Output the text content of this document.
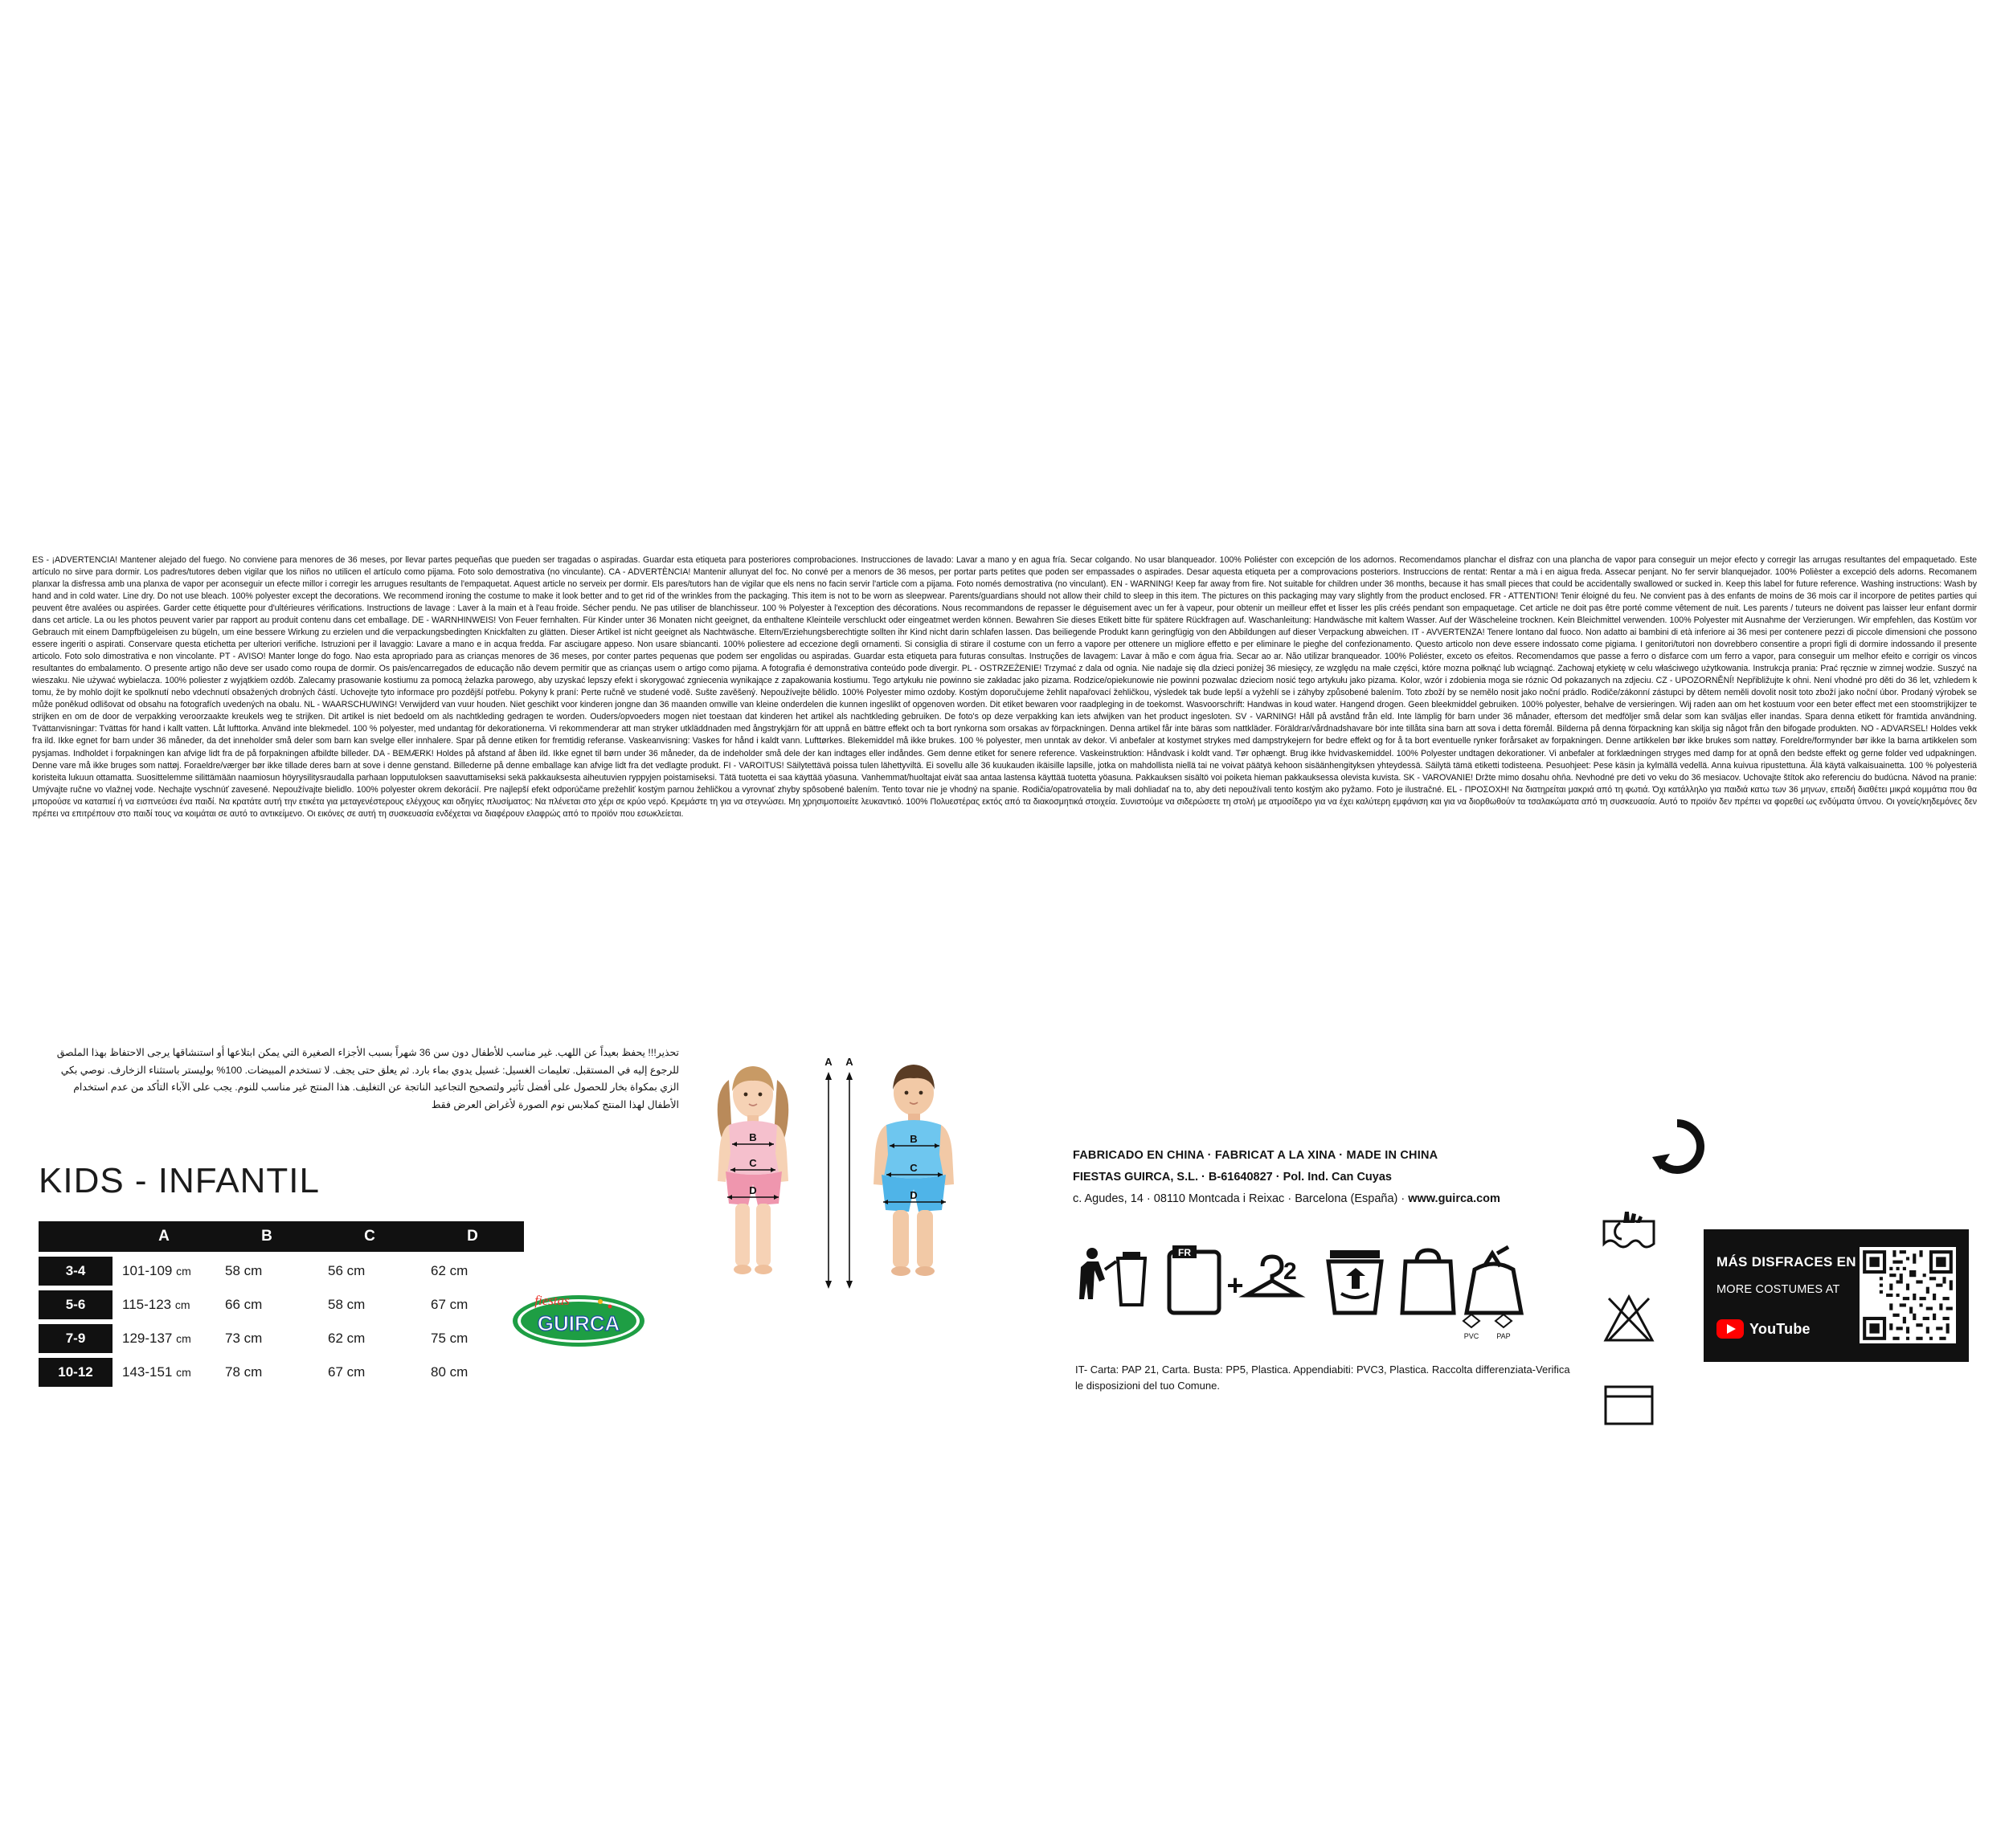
ES - ¡ADVERTENCIA! Mantener alejado del fuego. No conviene para menores de 36 meses, por llevar partes pequeñas que pueden ser tragadas o aspiradas. Guardar esta etiqueta para posteriores comprobaciones. Instrucciones de lavado: Lavar a mano y en agua fría. Secar colgando. No usar blanqueador. 100% Poliéster con excepción de los adornos. Recomendamos planchar el disfraz con una plancha de vapor para conseguir un mejor efecto y corregir las arrugas resultantes del empaquetado. Este artículo no sirve para dormir. Los padres/tutores deben vigilar que los niños no utilicen el artículo como pijama. Foto solo demostrativa (no vinculante). CA - ADVERTÈNCIA! Mantenir allunyat del foc. No convé per a menors de 36 mesos, per portar parts petites que poden ser empassades o aspirades. Desar aquesta etiqueta per a comprovacions posteriors. Instruccions de rentat: Rentar a mà i en aigua freda. Assecar penjant. No fer servir blanquejador. 100% Polièster a excepció dels adorns. Recomanem planxar la disfressa amb una planxa de vapor per aconseguir un efecte millor i corregir les arrugues resultants de l'empaquetat. Aquest article no serveix per dormir. Els pares/tutors han de vigilar que els nens no facin servir l'article com a pijama. Foto només demostrativa (no vinculant). EN - WARNING! Keep far away from fire. Not suitable for children under 36 months, because it has small pieces that could be accidentally swallowed or sucked in. Keep this label for future reference. Washing instructions: Wash by hand and in cold water. Line dry. Do not use bleach. 100% polyester except the decorations. We recommend ironing the costume to make it look better and to get rid of the wrinkles from the packaging. This item is not to be worn as sleepwear. Parents/guardians should not allow their child to sleep in this item. The pictures on this packaging may vary slightly from the product enclosed. FR - ATTENTION! Tenir éloigné du feu. Ne convient pas à des enfants de moins de 36 mois car il incorpore de petites parties qui peuvent être avalées ou aspirées. Garder cette étiquette pour d'ultérieures vérifications. Instructions de lavage : Laver à la main et à l'eau froide. Sécher pendu. Ne pas utiliser de blanchisseur. 100 % Polyester à l'exception des décorations. Nous recommandons de repasser le déguisement avec un fer à vapeur, pour obtenir un meilleur effet et lisser les plis créés pendant son empaquetage. Cet article ne doit pas être porté comme vêtement de nuit. Les parents / tuteurs ne doivent pas laisser leur enfant dormir dans cet article. La ou les photos peuvent varier par rapport au produit contenu dans cet emballage. DE - WARNHINWEIS! Von Feuer fernhalten. Für Kinder unter 36 Monaten nicht geeignet, da enthaltene Kleinteile verschluckt oder eingeatmet werden können. Bewahren Sie dieses Etikett bitte für spätere Rückfragen auf. Waschanleitung: Handwäsche mit kaltem Wasser. Auf der Wäscheleine trocknen. Kein Bleichmittel verwenden. 100% Polyester mit Ausnahme der Verzierungen. Wir empfehlen, das Kostüm vor Gebrauch mit einem Dampfbügeleisen zu bügeln, um eine bessere Wirkung zu erzielen und die verpackungsbedingten Knickfalten zu glätten. Dieser Artikel ist nicht geeignet als Nachtwäsche. Eltern/Erziehungsberechtigte sollten ihr Kind nicht darin schlafen lassen. Das beiliegende Produkt kann geringfügig von den Abbildungen auf dieser Verpackung abweichen. IT - AVVERTENZA! Tenere lontano dal fuoco. Non adatto ai bambini di età inferiore ai 36 mesi per contenere pezzi di piccole dimensioni che possono essere ingeriti o aspirati. Conservare questa etichetta per ulteriori verifiche. Istruzioni per il lavaggio: Lavare a mano e in acqua fredda. Far asciugare appeso. Non usare sbiancanti. 100% poliestere ad eccezione degli ornamenti. Si consiglia di stirare il costume con un ferro a vapore per ottenere un migliore effetto e per eliminare le pieghe del confezionamento. Questo articolo non deve essere indossato come pigiama. I genitori/tutori non dovrebbero consentire a propri figli di dormire indossando il presente articolo. Foto solo dimostrativa e non vincolante. PT - AVISO! Manter longe do fogo. Nao esta apropriado para as crianças menores de 36 meses, por conter partes pequenas que podem ser engolidas ou aspiradas. Guardar esta etiqueta para futuras consultas. Instruções de lavagem: Lavar à mão e com água fria. Secar ao ar. Não utilizar branqueador. 100% Poliéster, exceto os efeitos. Recomendamos que passe a ferro o disfarce com um ferro a vapor, para conseguir um melhor efeito e corrigir os vincos resultantes do embalamento. O presente artigo não deve ser usado como roupa de dormir. Os pais/encarregados de educação não devem permitir que as crianças usem o artigo como pijama. A fotografia é demonstrativa conteúdo pode divergir. PL - OSTRZEŻENIE! Trzymać z dala od ognia. Nie nadaje się dla dzieci poniżej 36 miesięcy, ze względu na małe części, które mozna połknąć lub wciągnąć. Zachowaj etykietę w celu właściwego użytkowania. Instrukcja prania: Prać ręcznie w zimnej wodzie. Suszyć na wieszaku. Nie używać wybielacza. 100% poliester z wyjątkiem ozdób. Zalecamy prasowanie kostiumu za pomocą żelazka parowego, aby uzyskać lepszy efekt i skorygować zgniecenia wynikające z zapakowania kostiumu. Tego artykułu nie powinno sie zakładac jako pizama. Rodzice/opiekunowie nie powinni pozwalac dzieciom nosić tego artykułu jako pizama. Kolor, wzór i zdobienia moga sie róznic Od pokazanych na zdjeciu. CZ - UPOZORNĚNÍ! Nepřibližujte k ohni. Není vhodné pro děti do 36 let, vzhledem k tomu, že by mohlo dojít ke spolknutí nebo vdechnutí obsažených drobných částí. Uchovejte tyto informace pro pozdější potřebu. Pokyny k praní: Perte ručně ve studené vodě. Sušte zavěšený. Nepoužívejte bělidlo. 100% Polyester mimo ozdoby. Kostým doporučujeme žehlit napařovací žehličkou, výsledek tak bude lepší a vyžehlí se i záhyby způsobené balením. Toto zboží by se nemělo nosit jako noční prádlo. Rodiče/zákonní zástupci by dětem neměli dovolit nosit toto zboží jako noční úbor. Prodaný výrobek se může poněkud odlišovat od obsahu na fotografích uvedených na obalu. NL - WAARSCHUWING! Verwijderd van vuur houden. Niet geschikt voor kinderen jongne dan 36 maanden omwille van kleine onderdelen die kunnen ingeslikt of opgenoven worden. Dit etiket bewaren voor raadpleging in de toekomst. Wasvoorschrift: Handwas in koud water. Hangend drogen. Geen bleekmiddel gebruiken. 100% polyester, behalve de versieringen. Wij raden aan om het kostuum voor een beter effect met een stoomstrijkijzer te strijken en om de door de verpakking veroorzaakte kreukels weg te strijken. Dit artikel is niet bedoeld om als nachtkleding gedragen te worden. Ouders/opvoeders mogen niet toestaan dat kinderen het artikel als nachtkleding gebruiken. De foto's op deze verpakking kan iets afwijken van het product ingesloten. SV - VARNING! Håll på avstånd från eld. Inte lämplig för barn under 36 månader, eftersom det medföljer små delar som kan sväljas eller inandas. Spara denna etikett för framtida användning. Tvättanvisningar: Tvättas för hand i kallt vatten. Låt lufttorka. Använd inte blekmedel. 100 % polyester, med undantag för dekorationerna. Vi rekommenderar att man stryker utkläddnaden med ångstrykjärn för att uppnå en bättre effekt och ta bort rynkorna som orsakas av förpackningen. Denna artikel får inte bäras som nattkläder. Föräldrar/vårdnadshavare bör inte tillåta sina barn att sova i detta föremål. Bilderna på denna förpackning kan skilja sig något från den bifogade produkten. NO - ADVARSEL! Holdes vekk fra ild. Ikke egnet for barn under 36 måneder, da det inneholder små deler som barn kan svelge eller innhalere. Spar på denne etiken for fremtidig referanse. Vaskeanvisning: Vaskes for hånd i kaldt vann. Lufttørkes. Blekemiddel må ikke brukes. 100 % polyester, men unntak av dekor. Vi anbefaler at kostymet strykes med dampstrykejern for bedre effekt og for å ta bort eventuelle rynker forårsaket av forpakningen. Denne artikkelen bør ikke brukes som nattøy. Foreldre/formynder bør ikke la barna artikkelen som pysjamas. Indholdet i forpakningen kan afvige lidt fra de på forpakningen afbildte billeder. DA - BEMÆRK! Holdes på afstand af åben ild. Ikke egnet til børn under 36 måneder, da de indeholder små dele der kan indtages eller indåndes. Gem denne etiket for senere reference. Vaskeinstruktion: Håndvask i koldt vand. Tør ophængt. Brug ikke hvidvaskemiddel. 100% Polyester undtagen dekorationer. Vi anbefaler at forklædningen stryges med damp for at opnå den bedste effekt og gerne folder ved udpakningen. Denne vare må ikke bruges som nattøj. Foraeldre/værger bør ikke tillade deres barn at sove i denne genstand. Billederne på denne emballage kan afvige lidt fra det vedlagte produkt. FI - VAROITUS! Säilytettävä poissa tulen lähettyviltä. Ei sovellu alle 36 kuukauden ikäisille lapsille, jotka on mahdollista niellä tai ne voivat päätyä kehoon sisäänhengityksen yhteydessä. Säilytä tämä etiketti todisteena. Pesuohjeet: Pese käsin ja kylmällä vedellä. Anna kuivua ripustettuna. Älä käytä valkaisuainetta. 100 % polyesteriä koristeita lukuun ottamatta. Suosittelemme silittämään naamiosun höyrysilitysraudalla parhaan lopputuloksen saavuttamiseksi sekä pakkauksesta aiheutuvien ryppyjen poistamiseksi. Tätä tuotetta ei saa käyttää yöasuna. Vanhemmat/huoltajat eivät saa antaa lastensa käyttää tuotetta yöasuna. Pakkauksen sisältö voi poiketa hieman pakkauksessa olevista kuvista. SK - VAROVANIE! Držte mimo dosahu ohňa. Nevhodné pre deti vo veku do 36 mesiacov. Uchovajte štítok ako referenciu do budúcna. Návod na pranie: Umývajte ručne vo vlažnej vode. Nechajte vyschnúť zavesené. Nepoužívajte bielidlo. 100% polyester okrem dekorácií. Pre najlepší efekt odporúčame prežehliť kostým parnou žehličkou a vyrovnať zhyby spôsobené balením. Tento tovar nie je vhodný na spanie. Rodičia/opatrovatelia by mali dohliadať na to, aby deti nepoužívali tento kostým ako pyžamo. Foto je ilustračné. EL - ΠΡΟΣΟΧΗ! Να διατηρείται μακριά από τη φωτιά. Όχι κατάλληλο για παιδιά κατω των 36 μηνων, επειδή διαθέτει μικρά κομμάτια που θα μπορούσε να καταπιεί ή να εισπνεύσει ένα παιδί. Να κρατάτε αυτή την ετικέτα για μεταγενέστερους ελέγχους και οδηγίες πλυσίματος: Να πλένεται στο χέρι σε κρύο νερό. Κρεμάστε τη για να στεγνώσει. Μη χρησιμοποιείτε λευκαντικό. 100% Πολυεστέρας εκτός από τα διακοσμητικά στοιχεία. Συνιστούμε να σιδερώσετε τη στολή με ατμοσίδερο για να έχει καλύτερη εμφάνιση και για να διορθωθούν τα τσαλακώματα από τη συσκευασία. Αυτό το προϊόν δεν πρέπει να φορεθεί ως ενδύματα ύπνου. Οι γονείς/κηδεμόνες δεν πρέπει να επιτρέπουν στο παιδί τους να κοιμάται σε αυτό το αντικείμενο. Οι εικόνες σε αυτή τη συσκευασία ενδέχεται να διαφέρουν ελαφρώς από το προϊόν που εσωκλείεται.
تحذير!!! يحفظ بعيداً عن اللهب. غير مناسب للأطفال دون سن 36 شهراً بسبب الأجزاء الصغيرة التي يمكن ابتلاعها أو استنشاقها يرجى الاحتفاظ بهذا الملصق للرجوع إليه في المستقبل. تعليمات الغسيل: غسيل يدوي بماء بارد. ثم يعلق حتى يجف. لا تستخدم المبيضات. 100% بوليستر باستثناء الزخارف. نوصي بكي الزي بمكواة بخار للحصول على أفضل تأثير ولتصحيح التجاعيد الناتجة عن التغليف. هذا المنتج غير مناسب للنوم. يجب على الآباء التأكد من عدم استخدام الأطفال لهذا المنتج كملابس نوم الصورة لأغراض العرض فقط
KIDS - INFANTIL
	A	B	C	D

3-4	101-109 cm	58 cm	56 cm	62 cm

5-6	115-123 cm	66 cm	58 cm	67 cm

7-9	129-137 cm	73 cm	62 cm	75 cm

10-12	143-151 cm	78 cm	67 cm	80 cm
GUIRCA
fiestas
B
C
D
A A
B
C
D
FABRICADO EN CHINA · FABRICAT A LA XINA · MADE IN CHINA
FIESTAS GUIRCA, S.L. · B-61640827 · Pol. Ind. Can Cuyas
c. Agudes, 14 · 08110 Montcada i Reixac · Barcelona (España) · www.guirca.com
FR
+ 2
PVC PAP
IT- Carta: PAP 21, Carta. Busta: PP5, Plastica. Appendiabiti: PVC3, Plastica. Raccolta differenziata-Verifica le disposizioni del tuo Comune.
MÁS DISFRACES EN
MORE COSTUMES AT
YouTube
